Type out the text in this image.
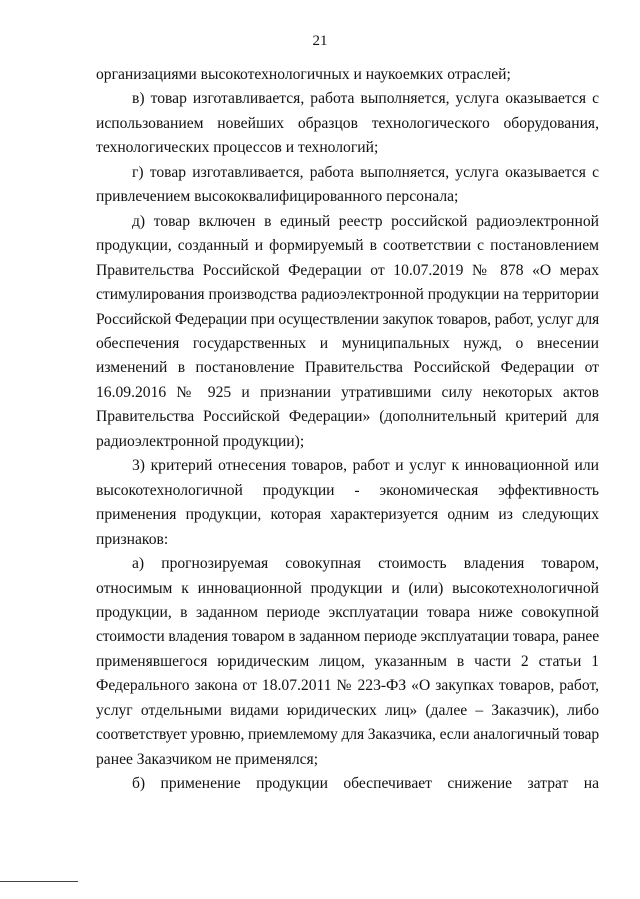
21

организациями высокотехнологичных и наукоемких отраслей;

в) товар изготавливается, работа выполняется, услуга оказывается с

использованием новейших образцов технологического оборудования,

технологических процессов и технологий;

г) товар изготавливается, работа выполняется, услуга оказывается с

привлечением высококвалифицированного персонала;

д) товар включен в единый реестр российской радиоэлектронной

продукции, созданный и формируемый в соответствии с постановлением

Правительства Российской Федерации от 10.07.2019 № 878 «О мерах

стимулирования производства радиоэлектронной продукции на территории

Российской Федерации при осуществлении закупок товаров, работ, услуг для

обеспечения государственных и муниципальных нужд, о внесении

изменений в постановление Правительства Российской Федерации от

16.09.2016 № 925 и признании утратившими силу некоторых актов

Правительства Российской Федерации» (дополнительный критерий для

радиоэлектронной продукции);

3) критерий отнесения товаров, работ и услуг к инновационной или

высокотехнологичной продукции - экономическая эффективность

применения продукции, которая характеризуется одним из следующих

признаков:

а) прогнозируемая совокупная стоимость владения товаром,

относимым к инновационной продукции и (или) высокотехнологичной

продукции, в заданном периоде эксплуатации товара ниже совокупной

стоимости владения товаром в заданном периоде эксплуатации товара, ранее

применявшегося юридическим лицом, указанным в части 2 статьи 1

Федерального закона от 18.07.2011 № 223-ФЗ «О закупках товаров, работ,

услуг отдельными видами юридических лиц» (далее – Заказчик), либо

соответствует уровню, приемлемому для Заказчика, если аналогичный товар

ранее Заказчиком не применялся;

б) применение продукции обеспечивает снижение затрат на
